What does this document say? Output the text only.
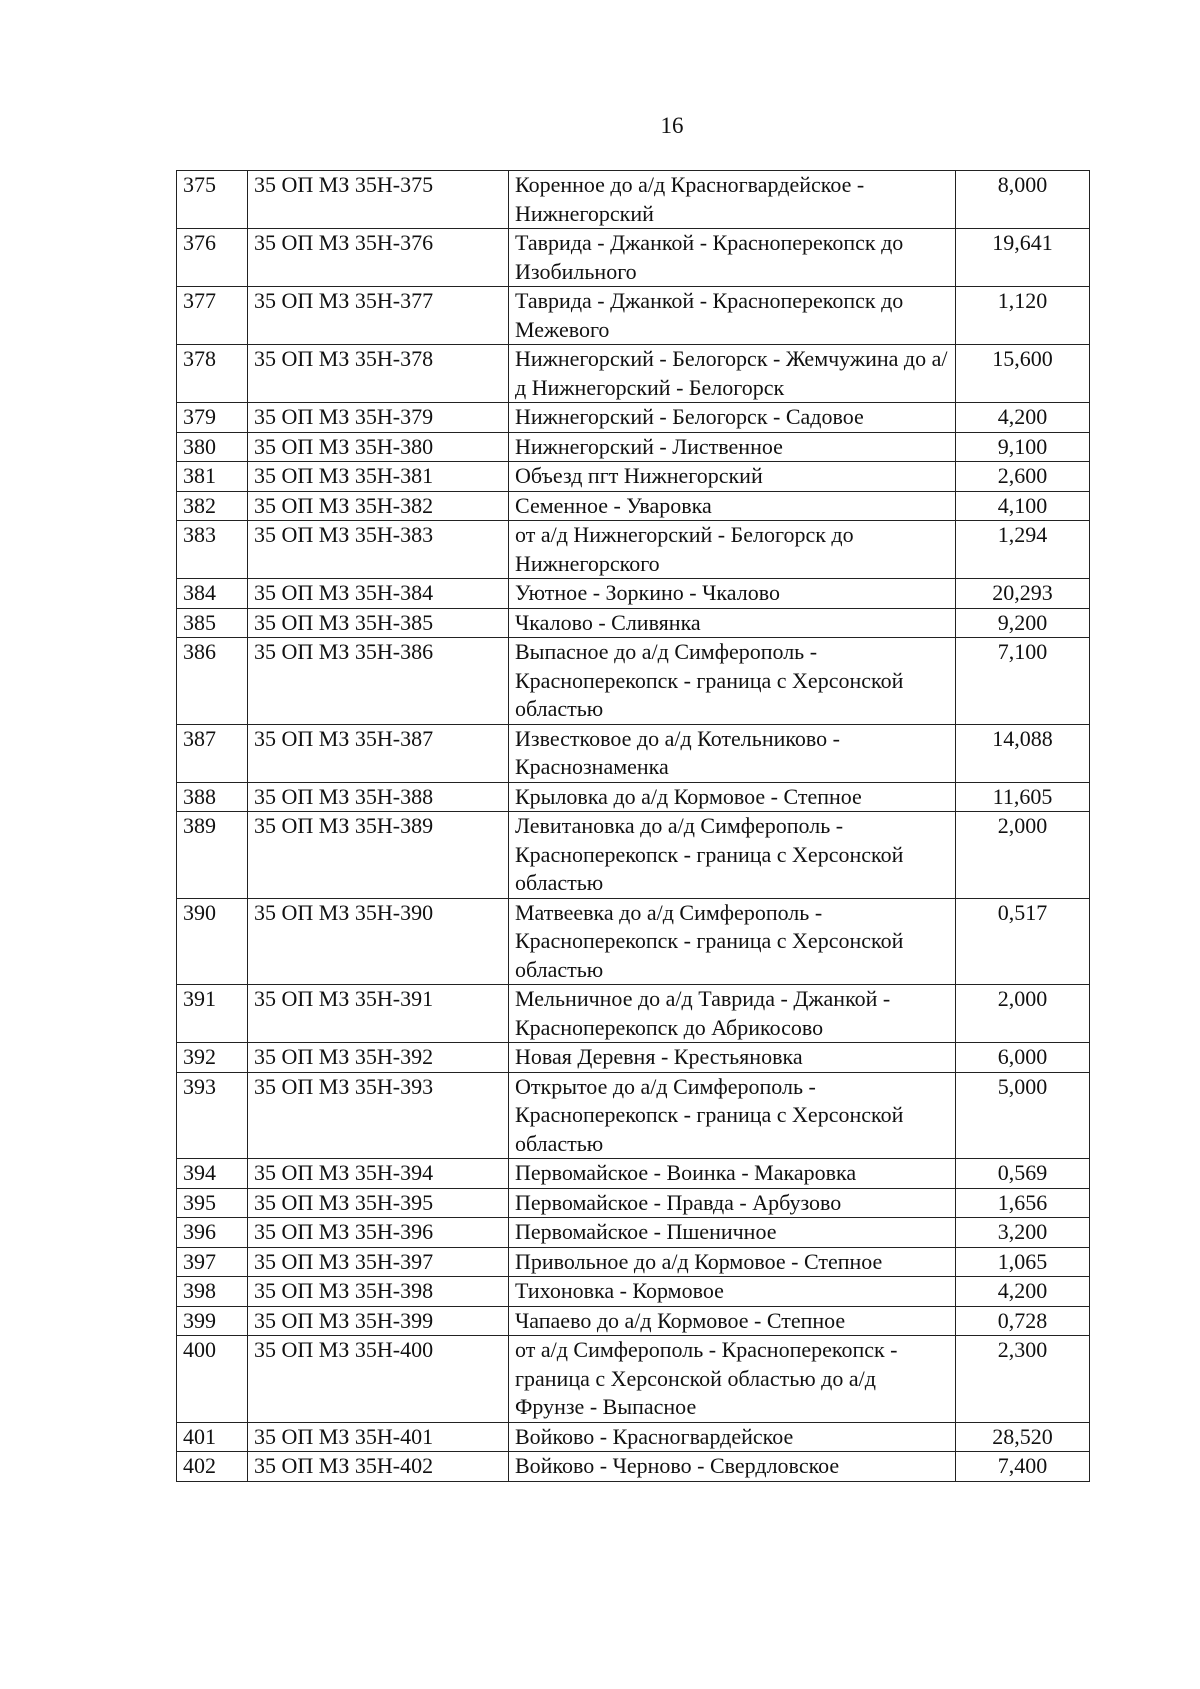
16
375	35 ОП МЗ 35Н-375	Коренное до а/д Красногвардейское - Нижнегорский	8,000
376	35 ОП МЗ 35Н-376	Таврида - Джанкой - Красноперекопск до Изобильного	19,641
377	35 ОП МЗ 35Н-377	Таврида - Джанкой - Красноперекопск до Межевого	1,120
378	35 ОП МЗ 35Н-378	Нижнегорский - Белогорск - Жемчужина до а/д Нижнегорский - Белогорск	15,600
379	35 ОП МЗ 35Н-379	Нижнегорский - Белогорск - Садовое	4,200
380	35 ОП МЗ 35Н-380	Нижнегорский - Лиственное	9,100
381	35 ОП МЗ 35Н-381	Объезд пгт Нижнегорский	2,600
382	35 ОП МЗ 35Н-382	Семенное - Уваровка	4,100
383	35 ОП МЗ 35Н-383	от а/д Нижнегорский - Белогорск до Нижнегорского	1,294
384	35 ОП МЗ 35Н-384	Уютное - Зоркино - Чкалово	20,293
385	35 ОП МЗ 35Н-385	Чкалово - Сливянка	9,200
386	35 ОП МЗ 35Н-386	Выпасное до а/д Симферополь - Красноперекопск - граница с Херсонской областью	7,100
387	35 ОП МЗ 35Н-387	Известковое до а/д Котельниково - Краснознаменка	14,088
388	35 ОП МЗ 35Н-388	Крыловка до а/д Кормовое - Степное	11,605
389	35 ОП МЗ 35Н-389	Левитановка до а/д Симферополь - Красноперекопск - граница с Херсонской областью	2,000
390	35 ОП МЗ 35Н-390	Матвеевка до а/д Симферополь - Красноперекопск - граница с Херсонской областью	0,517
391	35 ОП МЗ 35Н-391	Мельничное до а/д Таврида - Джанкой - Красноперекопск до Абрикосово	2,000
392	35 ОП МЗ 35Н-392	Новая Деревня - Крестьяновка	6,000
393	35 ОП МЗ 35Н-393	Открытое до а/д Симферополь - Красноперекопск - граница с Херсонской областью	5,000
394	35 ОП МЗ 35Н-394	Первомайское - Воинка - Макаровка	0,569
395	35 ОП МЗ 35Н-395	Первомайское - Правда - Арбузово	1,656
396	35 ОП МЗ 35Н-396	Первомайское - Пшеничное	3,200
397	35 ОП МЗ 35Н-397	Привольное до а/д Кормовое - Степное	1,065
398	35 ОП МЗ 35Н-398	Тихоновка - Кормовое	4,200
399	35 ОП МЗ 35Н-399	Чапаево до а/д Кормовое - Степное	0,728
400	35 ОП МЗ 35Н-400	от а/д Симферополь - Красноперекопск - граница с Херсонской областью до а/д Фрунзе - Выпасное	2,300
401	35 ОП МЗ 35Н-401	Войково - Красногвардейское	28,520
402	35 ОП МЗ 35Н-402	Войково - Черново - Свердловское	7,400
